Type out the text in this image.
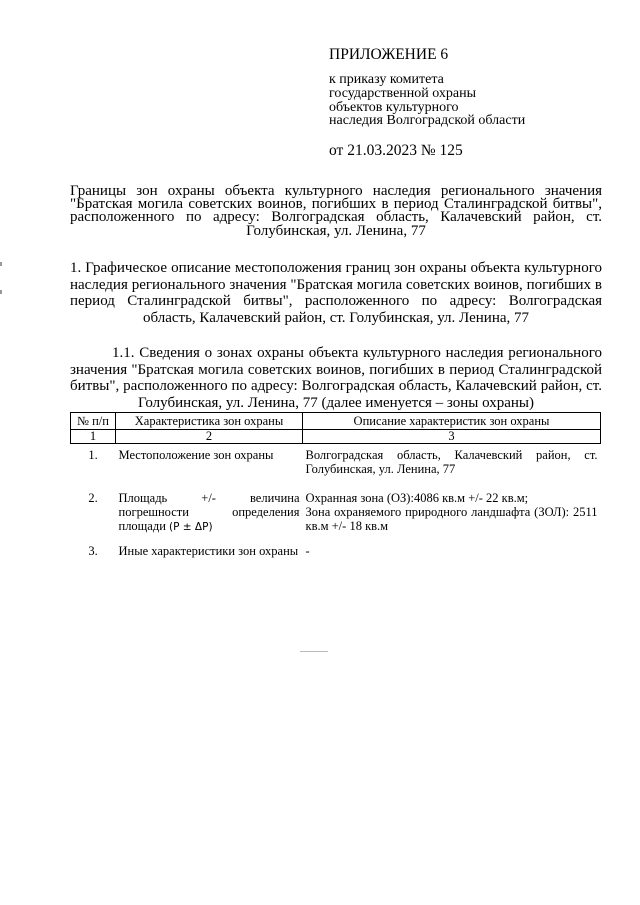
ПРИЛОЖЕНИЕ 6
к приказу комитета
государственной охраны
объектов культурного
наследия Волгоградской области
от 21.03.2023 № 125
Границы зон охраны объекта культурного наследия регионального значения "Братская могила советских воинов, погибших в период Сталинградской битвы", расположенного по адресу: Волгоградская область, Калачевский район, ст. Голубинская, ул. Ленина, 77
1. Графическое описание местоположения границ зон охраны объекта культурного наследия регионального значения "Братская могила советских воинов, погибших в период Сталинградской битвы", расположенного по адресу: Волгоградская область, Калачевский район, ст. Голубинская, ул. Ленина, 77
1.1. Сведения о зонах охраны объекта культурного наследия регионального значения "Братская могила советских воинов, погибших в период Сталинградской битвы", расположенного по адресу: Волгоградская область, Калачевский район, ст. Голубинская, ул. Ленина, 77 (далее именуется – зоны охраны)
№ п/п	Характеристика зон охраны	Описание характеристик зон охраны
1	2	3
1.	Местоположение зон охраны	Волгоградская область, Калачевский район, ст. Голубинская, ул. Ленина, 77
2.	Площадь +/- величина погрешности определения площади (P ± ΔP)	Охранная зона (ОЗ):4086 кв.м +/- 22 кв.м;
Зона охраняемого природного ландшафта (ЗОЛ): 2511 кв.м +/- 18 кв.м

3.	Иные характеристики зон охраны	-
